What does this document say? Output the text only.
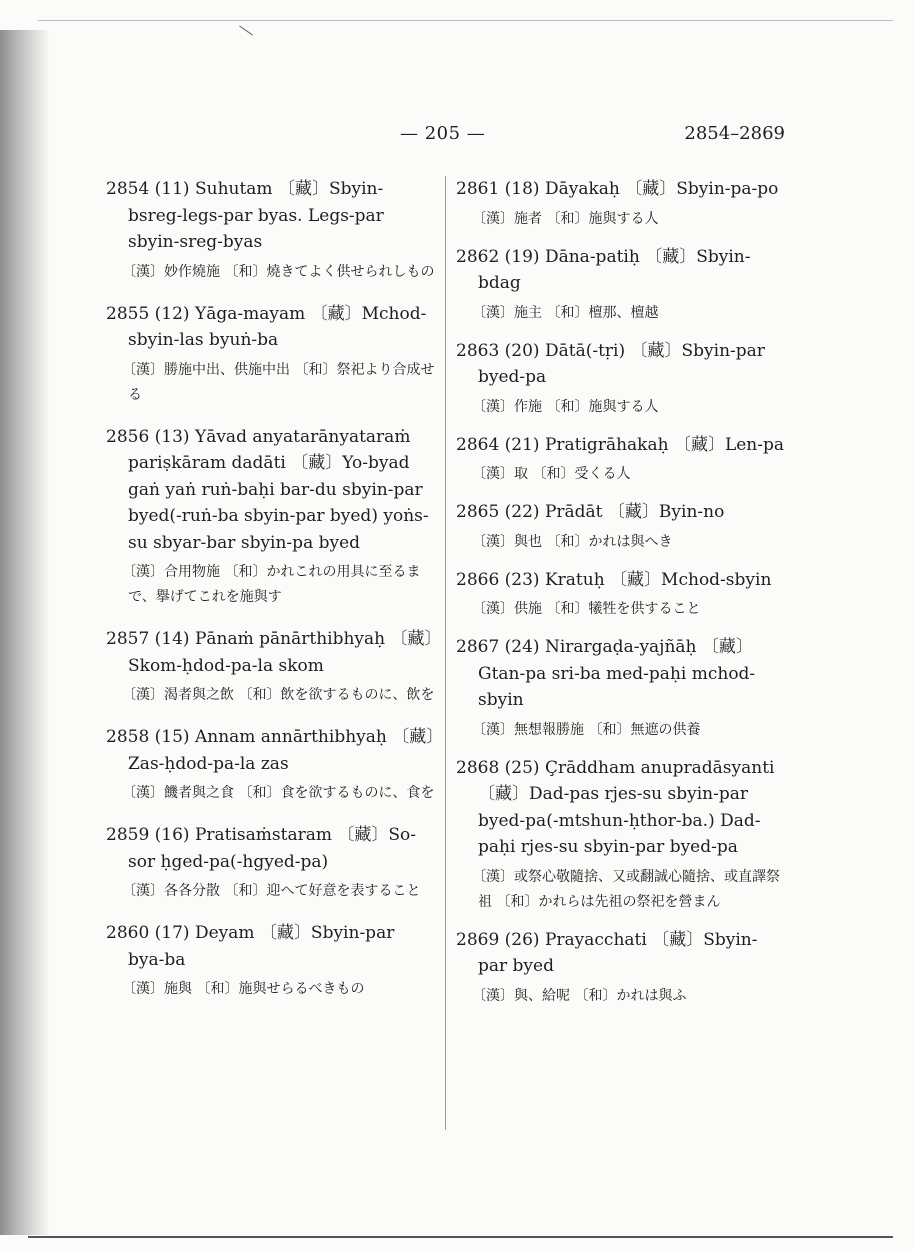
— 205 —	2854–2869
2854 (11) Suhutam 〔藏〕Sbyin-bsreg-legs-par byas. Legs-par sbyin-sreg-byas
〔漢〕妙作燒施 〔和〕燒きてよく供せられしもの
2855 (12) Yāga-mayam 〔藏〕Mchod-sbyin-las byuṅ-ba
〔漢〕勝施中出、供施中出 〔和〕祭祀より合成せる
2856 (13) Yāvad anyatarānyataraṁ pariṣkāram dadāti 〔藏〕Yo-byad gaṅ yaṅ ruṅ-baḥi bar-du sbyin-par byed(-ruṅ-ba sbyin-par byed) yoṅs-su sbyar-bar sbyin-pa byed
〔漢〕合用物施 〔和〕かれこれの用具に至るまで、擧げてこれを施與す
2857 (14) Pānaṁ pānārthibhyaḥ 〔藏〕Skom-ḥdod-pa-la skom
〔漢〕渴者與之飲 〔和〕飲を欲するものに、飲を
2858 (15) Annam annārthibhyaḥ 〔藏〕Zas-ḥdod-pa-la zas
〔漢〕饑者與之食 〔和〕食を欲するものに、食を
2859 (16) Pratisaṁstaram 〔藏〕So-sor ḥged-pa(-hgyed-pa)
〔漢〕各各分散 〔和〕迎へて好意を表すること
2860 (17) Deyam 〔藏〕Sbyin-par bya-ba
〔漢〕施與 〔和〕施與せらるべきもの
2861 (18) Dāyakaḥ 〔藏〕Sbyin-pa-po
〔漢〕施者 〔和〕施與する人
2862 (19) Dāna-patiḥ 〔藏〕Sbyin-bdag
〔漢〕施主 〔和〕檀那、檀越
2863 (20) Dātā(-tṛi) 〔藏〕Sbyin-par byed-pa
〔漢〕作施 〔和〕施與する人
2864 (21) Pratigrāhakaḥ 〔藏〕Len-pa
〔漢〕取 〔和〕受くる人
2865 (22) Prādāt 〔藏〕Byin-no
〔漢〕與也 〔和〕かれは與へき
2866 (23) Kratuḥ 〔藏〕Mchod-sbyin
〔漢〕供施 〔和〕犧牲を供すること
2867 (24) Nirargaḍa-yajñāḥ 〔藏〕Gtan-pa sri-ba med-paḥi mchod-sbyin
〔漢〕無想報勝施 〔和〕無遮の供養
2868 (25) Çrāddham anupradāsyanti 〔藏〕Dad-pas rjes-su sbyin-par byed-pa(-mtshun-ḥthor-ba.) Dad-paḥi rjes-su sbyin-par byed-pa
〔漢〕或祭心敬隨捨、又或翻誠心隨捨、或直譯祭祖 〔和〕かれらは先祖の祭祀を營まん
2869 (26) Prayacchati 〔藏〕Sbyin-par byed
〔漢〕與、給呢 〔和〕かれは與ふ
